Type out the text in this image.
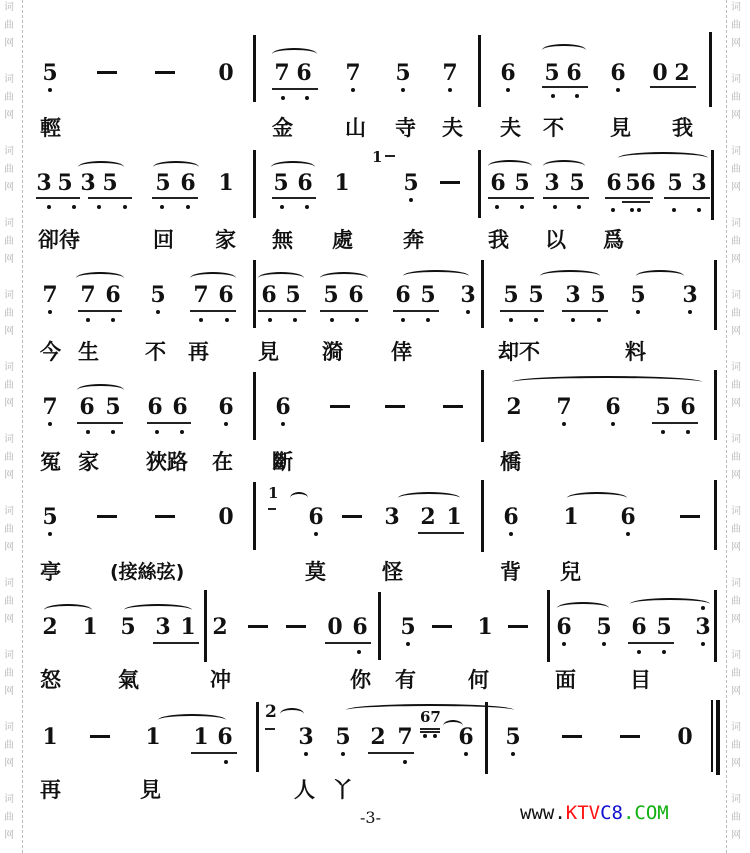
词
曲
网
词
曲
网
词
曲
网
词
曲
网
词
曲
网
词
曲
网
词
曲
网
词
曲
网
词
曲
网
词
曲
网
词
曲
网
词
曲
网
词
曲
网
词
曲
网
词
曲
网
词
曲
网
词
曲
网
词
曲
网
词
曲
网
词
曲
网
词
曲
网
词
曲
网
词
曲
网
词
曲
网
5	0 7 6 7 5 7 6 5 6 6 0 2
輕	金 山 寺 夫 夫 不 見 我
3 5 3 5 5 6 1 5 6 1
1
5	6 5 3 5 6 5 6 5 3
卻待	回 家 無 處 奔	我 以 爲
7 7 6 5 7 6 6 5 5 6 6 5 3 5 5 3 5 5 3
今 生 不 再 見 漪 倖	却不	料
7 6 5 6 6 6 6	2 7 6 5 6
冤 家 狹路 在 斷	橋
5	0
1
6	3 2 1 6 1 6
亭	(接絲弦)	莫	怪	背 兒
2 1 5 3 1 2	0 6 5	1	6 5 6 5 3
怒	氣	冲	你 有 何	面	目
1	1 1 6
2
3 5 2 7
67
6 5	0
再	見	人 丫
-3-	www.KTVC8.COM
